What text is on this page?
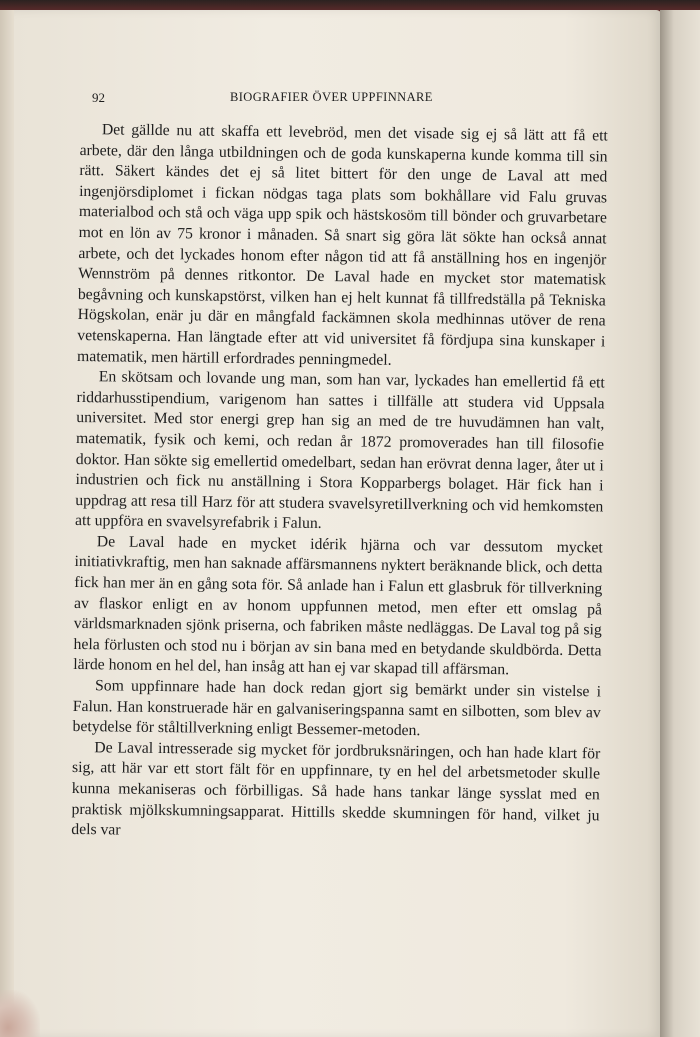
92	BIOGRAFIER ÖVER UPPFINNARE

Det gällde nu att skaffa ett levebröd, men det visade sig ej så lätt att få ett arbete, där den långa utbildningen och de goda kunskaperna kunde komma till sin rätt. Säkert kändes det ej så litet bittert för den unge de Laval att med ingenjörsdiplomet i fickan nödgas taga plats som bokhållare vid Falu gruvas materialbod och stå och väga upp spik och hästskosöm till bönder och gruvarbetare mot en lön av 75 kronor i månaden. Så snart sig göra lät sökte han också annat arbete, och det lyckades honom efter någon tid att få anställning hos en ingenjör Wennström på dennes ritkontor. De Laval hade en mycket stor matematisk begåvning och kunskapstörst, vilken han ej helt kunnat få tillfredställa på Tekniska Högskolan, enär ju där en mångfald fackämnen skola medhinnas utöver de rena vetenskaperna. Han längtade efter att vid universitet få fördjupa sina kunskaper i matematik, men härtill erfordrades penningmedel.

En skötsam och lovande ung man, som han var, lyckades han emellertid få ett riddarhusstipendium, varigenom han sattes i tillfälle att studera vid Uppsala universitet. Med stor energi grep han sig an med de tre huvudämnen han valt, matematik, fysik och kemi, och redan år 1872 promoverades han till filosofie doktor. Han sökte sig emellertid omedelbart, sedan han erövrat denna lager, åter ut i industrien och fick nu anställning i Stora Kopparbergs bolaget. Här fick han i uppdrag att resa till Harz för att studera svavelsyretillverkning och vid hemkomsten att uppföra en svavelsyrefabrik i Falun.

De Laval hade en mycket idérik hjärna och var dessutom mycket initiativkraftig, men han saknade affärsmannens nyktert beräknande blick, och detta fick han mer än en gång sota för. Så anlade han i Falun ett glasbruk för tillverkning av flaskor enligt en av honom uppfunnen metod, men efter ett omslag på världsmarknaden sjönk priserna, och fabriken måste nedläggas. De Laval tog på sig hela förlusten och stod nu i början av sin bana med en betydande skuldbörda. Detta lärde honom en hel del, han insåg att han ej var skapad till affärsman.

Som uppfinnare hade han dock redan gjort sig bemärkt under sin vistelse i Falun. Han konstruerade här en galvaniseringspanna samt en silbotten, som blev av betydelse för ståltillverkning enligt Bessemer-metoden.

De Laval intresserade sig mycket för jordbruksnäringen, och han hade klart för sig, att här var ett stort fält för en uppfinnare, ty en hel del arbetsmetoder skulle kunna mekaniseras och förbilligas. Så hade hans tankar länge sysslat med en praktisk mjölkskumningsapparat. Hittills skedde skumningen för hand, vilket ju dels var
